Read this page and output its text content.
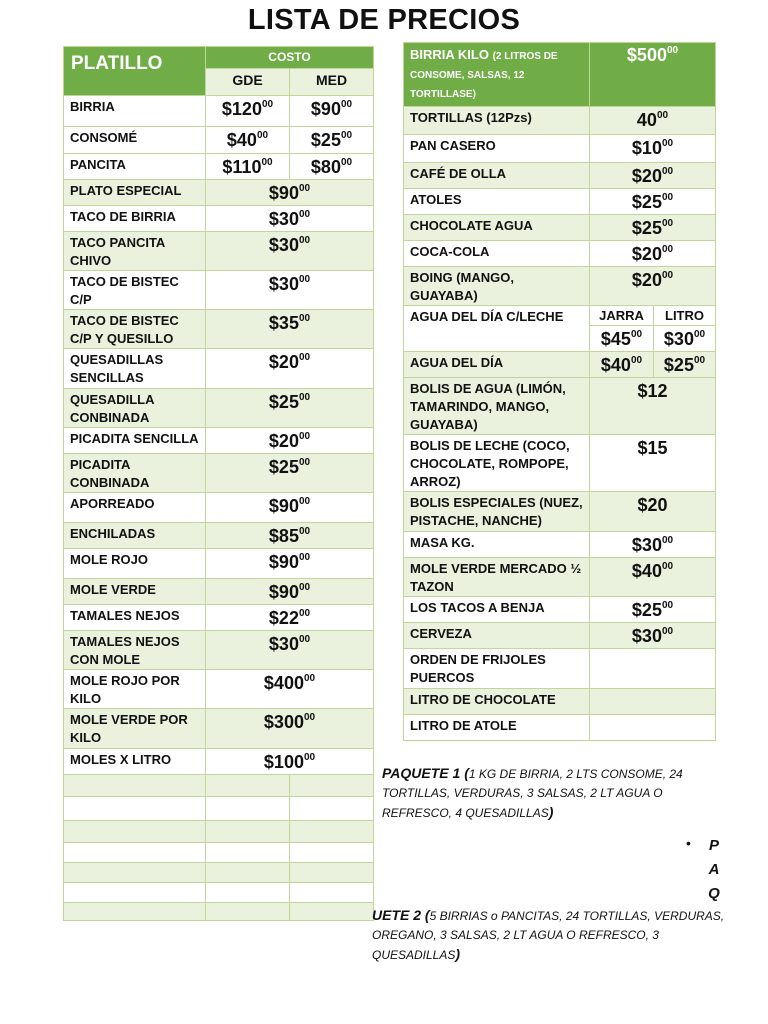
LISTA DE PRECIOS
PLATILLO	COSTO	
	GDE	MED
BIRRIA	$\$120^{00}$	$\$90^{00}$
CONSOMÉ	$\$40^{00}$	$\$25^{00}$
PANCITA	$\$110^{00}$	$\$80^{00}$
PLATO ESPECIAL	$\$90^{00}$
TACO DE BIRRIA	$\$30^{00}$
TACO PANCITA CHIVO	$\$30^{00}$
TACO DE BISTEC C/P	$\$30^{00}$
TACO DE BISTEC C/P Y QUESILLO	$\$35^{00}$
QUESADILLAS SENCILLAS	$\$20^{00}$
QUESADILLA CONBINADA	$\$25^{00}$
PICADITA SENCILLA	$\$20^{00}$
PICADITA CONBINADA	$\$25^{00}$
APORREADO	$\$90^{00}$
ENCHILADAS	$\$85^{00}$
MOLE ROJO	$\$90^{00}$
MOLE VERDE	$\$90^{00}$
TAMALES NEJOS	$\$22^{00}$
TAMALES NEJOS CON MOLE	$\$30^{00}$
MOLE ROJO POR KILO	$\$400^{00}$
MOLE VERDE POR KILO	$\$300^{00}$
MOLES X LITRO	$\$100^{00}$

BIRRIA KILO (2 LITROS DE CONSOME, SALSAS, 12 TORTILLASE)	$\$500^{00}$
TORTILLAS (12Pzs)	$40^{00}$
PAN CASERO	$\$10^{00}$
CAFÉ DE OLLA	$\$20^{00}$
ATOLES	$\$25^{00}$
CHOCOLATE AGUA	$\$25^{00}$
COCA-COLA	$\$20^{00}$
BOING (MANGO, GUAYABA)	$\$20^{00}$
AGUA DEL DÍA C/LECHE	JARRA	LITRO
	$\$45^{00}$	$\$30^{00}$
AGUA DEL DÍA	$\$40^{00}$	$\$25^{00}$
BOLIS DE AGUA (LIMÓN, TAMARINDO, MANGO, GUAYABA)	$12	
BOLIS DE LECHE (COCO, CHOCOLATE, ROMPOPE, ARROZ)	$15	
BOLIS ESPECIALES (NUEZ, PISTACHE, NANCHE)	$20	
MASA KG.	$\$30^{00}$
MOLE VERDE MERCADO ½ TAZON	$\$40^{00}$
LOS TACOS A BENJA	$\$25^{00}$
CERVEZA	$\$30^{00}$
ORDEN DE FRIJOLES PUERCOS		
LITRO DE CHOCOLATE		
LITRO DE ATOLE		
PAQUETE 1 (1 KG DE BIRRIA, 2 LTS CONSOME, 24 TORTILLAS, VERDURAS, 3 SALSAS, 2 LT AGUA O REFRESCO, 4 QUESADILLAS)
• P
A
Q
UETE 2 (5 BIRRIAS o PANCITAS, 24 TORTILLAS, VERDURAS, OREGANO, 3 SALSAS, 2 LT AGUA O REFRESCO, 3 QUESADILLAS)
